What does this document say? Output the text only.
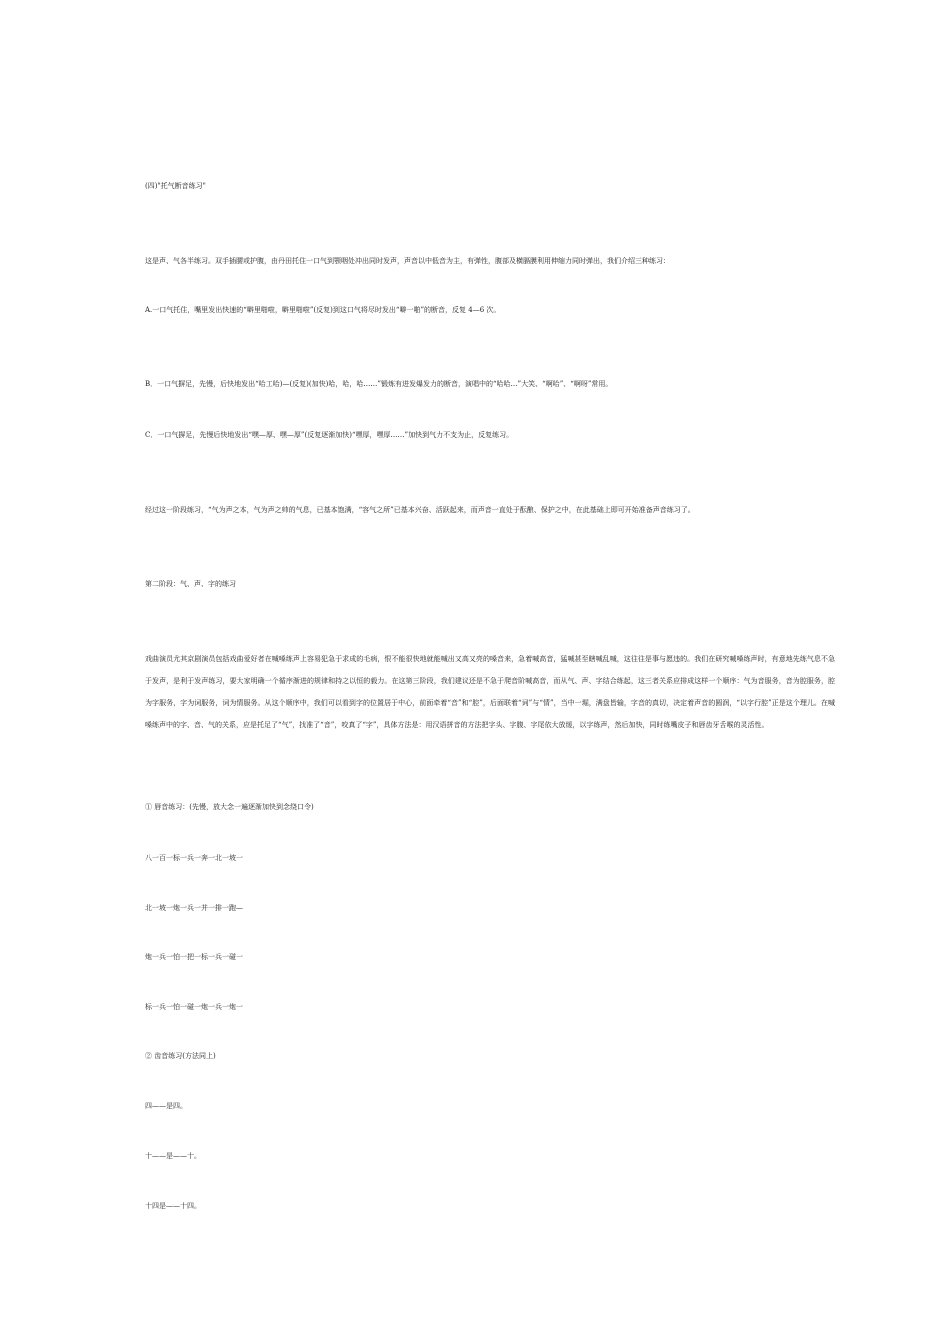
(四)"托气断音练习"
这是声、气各半练习。双手插腰或护腹，由丹田托住一口气到颚咽处冲出同时发声，声音以中低音为主，有弹性，腹部及横膈膜利用伸缩力同时弹出，我们介绍三种练习：
A.一口气托住，嘴里发出快速的“噼里啪啦，噼里啪啦”(反复)到这口气将尽时发出“噼一啪”的断音，反复 4—6 次。
B．一口气摒足，先慢，后快地发出“哈工哈)—(反复)(加快)哈，哈，哈……”锻炼有进发爆发力的断音，演唱中的“哈哈…”大笑、“啊哈”、“啊呀”常用。
C．一口气摒足，先慢后快地发出“嘿—厚、嘿—厚”(反复逐渐加快)“嘿厚，嘿厚……”加快到气力不支为止，反复练习。
经过这一阶段练习，“气为声之本，气为声之帅的气息，已基本饱满，“容气之所”已基本兴奋、活跃起来，而声音一直处于酝酿、保护之中，在此基础上即可开始准备声音练习了。
第二阶段：气、声、字的练习
戏曲演员尤其京剧演员包括戏曲爱好者在喊嗓练声上容易犯急于求成的毛病，恨不能很快地就能喊出又高又亮的嗓音来，急着喊高音，猛喊甚至瞎喊乱喊，这往往是事与愿违的。我们在研究喊嗓练声时，有意地先练气息不急于发声，是利于发声练习，要大家明确一个循序渐进的规律和持之以恒的毅力。在这第三阶段，我们建议还是不急于爬音阶喊高音，而从气、声、字结合练起，这三者关系应排成这样一个顺序：气为音服务，音为腔服务，腔为字服务，字为词服务，词为情服务。从这个顺序中，我们可以看到字的位置居于中心，前面牵着“音”和“腔”，后面联着“词”与“情”，当中一堀，满盘皆输，字音的真切，决定着声音的圆润，“以字行腔”正是这个理儿。在喊嗓练声中的字、音、气的关系，应是托足了“气”，找准了“音”，咬真了“字”，具体方法是：用汉语拼音的方法把字头、字腹、字尾依大放缓，以字练声，然后加快，同时练嘴皮子和唇齿牙舌喉的灵活性。
① 唇音练习：(先慢，放大念一遍逐渐加快到念绕口令)
八一百一标一兵一奔一北一坡一
北一坡一炮一兵一并一排一跑—
炮一兵一怕一把一标一兵一碰一
标一兵一怕一碰一炮一兵一炮一
② 齿音练习(方法同上)
四——是四。
十——是——十。
十四是——十四。
